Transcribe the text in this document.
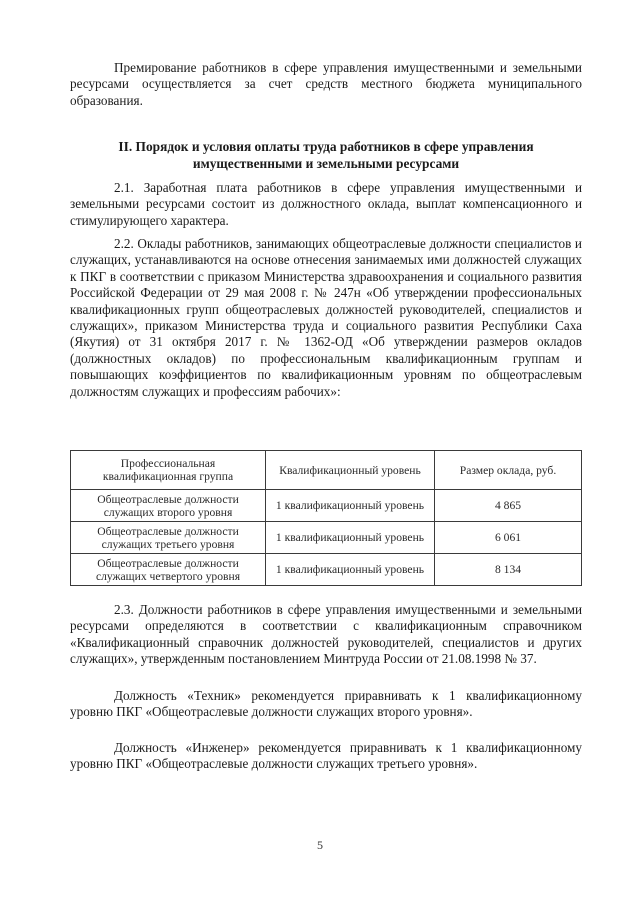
Премирование работников в сфере управления имущественными и земельными ресурсами осуществляется за счет средств местного бюджета муниципального образования.

II. Порядок и условия оплаты труда работников в сфере управления
имущественными и земельными ресурсами

2.1. Заработная плата работников в сфере управления имущественными и земельными ресурсами состоит из должностного оклада, выплат компенсационного и стимулирующего характера.

2.2. Оклады работников, занимающих общеотраслевые должности специалистов и служащих, устанавливаются на основе отнесения занимаемых ими должностей служащих к ПКГ в соответствии с приказом Министерства здравоохранения и социального развития Российской Федерации от 29 мая 2008 г. № 247н «Об утверждении профессиональных квалификационных групп общеотраслевых должностей руководителей, специалистов и служащих», приказом Министерства труда и социального развития Республики Саха (Якутия) от 31 октября 2017 г. № 1362-ОД «Об утверждении размеров окладов (должностных окладов) по профессиональным квалификационным группам и повышающих коэффициентов по квалификационным уровням по общеотраслевым должностям служащих и профессиям рабочих»:

Профессиональная квалификационная группа	Квалификационный уровень	Размер оклада, руб.
Общеотраслевые должности служащих второго уровня	1 квалификационный уровень	4 865
Общеотраслевые должности служащих третьего уровня	1 квалификационный уровень	6 061
Общеотраслевые должности служащих четвертого уровня	1 квалификационный уровень	8 134

2.3. Должности работников в сфере управления имущественными и земельными ресурсами определяются в соответствии с квалификационным справочником «Квалификационный справочник должностей руководителей, специалистов и других служащих», утвержденным постановлением Минтруда России от 21.08.1998 № 37.

Должность «Техник» рекомендуется приравнивать к 1 квалификационному уровню ПКГ «Общеотраслевые должности служащих второго уровня».

Должность «Инженер» рекомендуется приравнивать к 1 квалификационному уровню ПКГ «Общеотраслевые должности служащих третьего уровня».

5
